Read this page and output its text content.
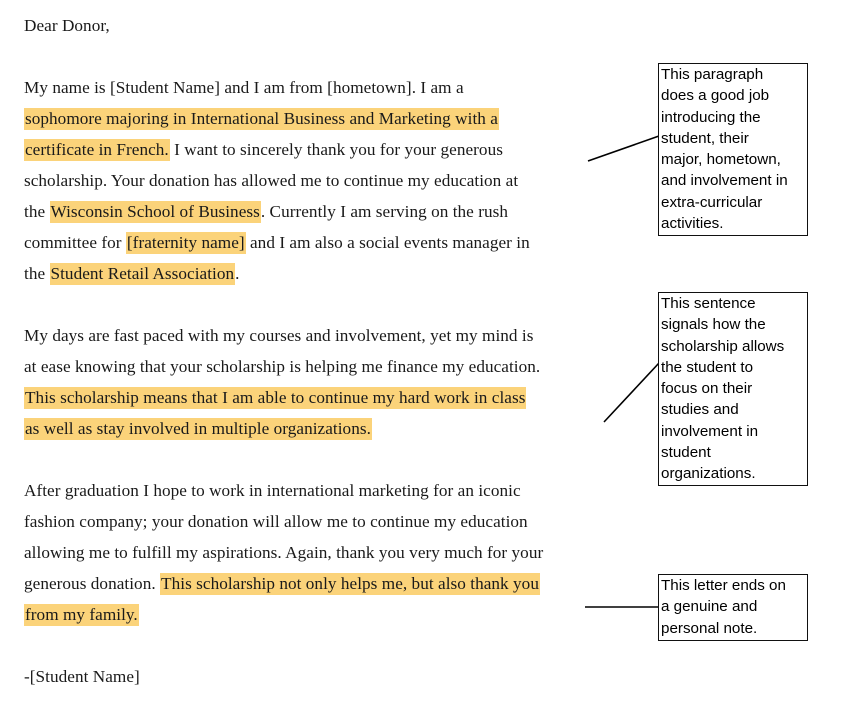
Dear Donor,
My name is [Student Name] and I am from [hometown]. I am a
sophomore majoring in International Business and Marketing with a
certificate in French. I want to sincerely thank you for your generous
scholarship. Your donation has allowed me to continue my education at
the Wisconsin School of Business. Currently I am serving on the rush
committee for [fraternity name] and I am also a social events manager in
the Student Retail Association.
My days are fast paced with my courses and involvement, yet my mind is
at ease knowing that your scholarship is helping me finance my education.
This scholarship means that I am able to continue my hard work in class
as well as stay involved in multiple organizations.
After graduation I hope to work in international marketing for an iconic
fashion company; your donation will allow me to continue my education
allowing me to fulfill my aspirations. Again, thank you very much for your
generous donation. This scholarship not only helps me, but also thank you
from my family.
-[Student Name]
This paragraph
does a good job
introducing the
student, their
major, hometown,
and involvement in
extra-curricular
activities.
This sentence
signals how the
scholarship allows
the student to
focus on their
studies and
involvement in
student
organizations.
This letter ends on
a genuine and
personal note.
